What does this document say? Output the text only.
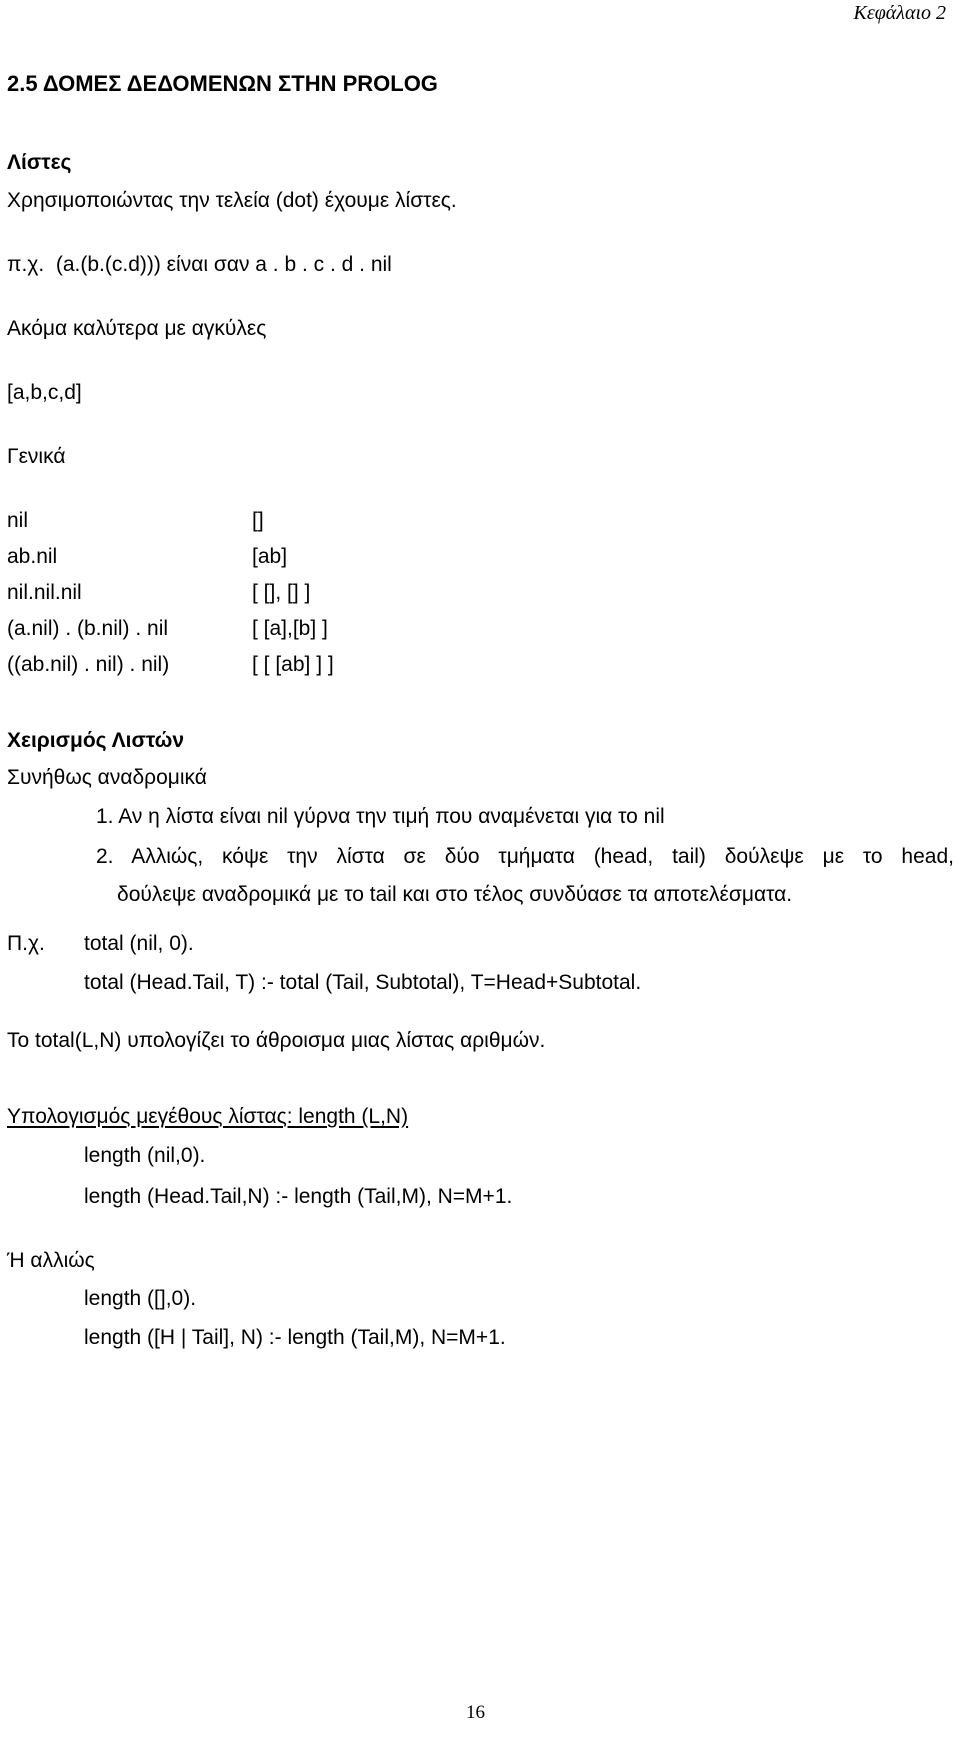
Κεφάλαιο 2
2.5 ΔΟΜΕΣ ΔΕΔΟΜΕΝΩΝ ΣΤΗΝ PROLOG
Λίστες
Χρησιμοποιώντας την τελεία (dot) έχουμε λίστες.
π.χ.  (a.(b.(c.d))) είναι σαν a . b . c . d . nil
Ακόμα καλύτερα με αγκύλες
[a,b,c,d]
Γενικά
nil	[]
ab.nil	[ab]
nil.nil.nil	[ [], [] ]
(a.nil) . (b.nil) . nil	[ [a],[b] ]
((ab.nil) . nil) . nil)	[ [ [ab] ] ]
Χειρισμός Λιστών
Συνήθως αναδρομικά
1. Αν η λίστα είναι nil γύρνα την τιμή που αναμένεται για το nil
2. Αλλιώς, κόψε την λίστα σε δύο τμήματα (head, tail) δούλεψε με το head,
δούλεψε αναδρομικά με το tail και στο τέλος συνδύασε τα αποτελέσματα.
Π.χ. total (nil, 0).
total (Head.Tail, T) :- total (Tail, Subtotal), T=Head+Subtotal.
Το total(L,N) υπολογίζει το άθροισμα μιας λίστας αριθμών.
Υπολογισμός μεγέθους λίστας: length (L,N)
length (nil,0).
length (Head.Tail,N) :- length (Tail,M), N=M+1.
Ή αλλιώς
length ([],0).
length ([H | Tail], N) :- length (Tail,M), N=M+1.
16
